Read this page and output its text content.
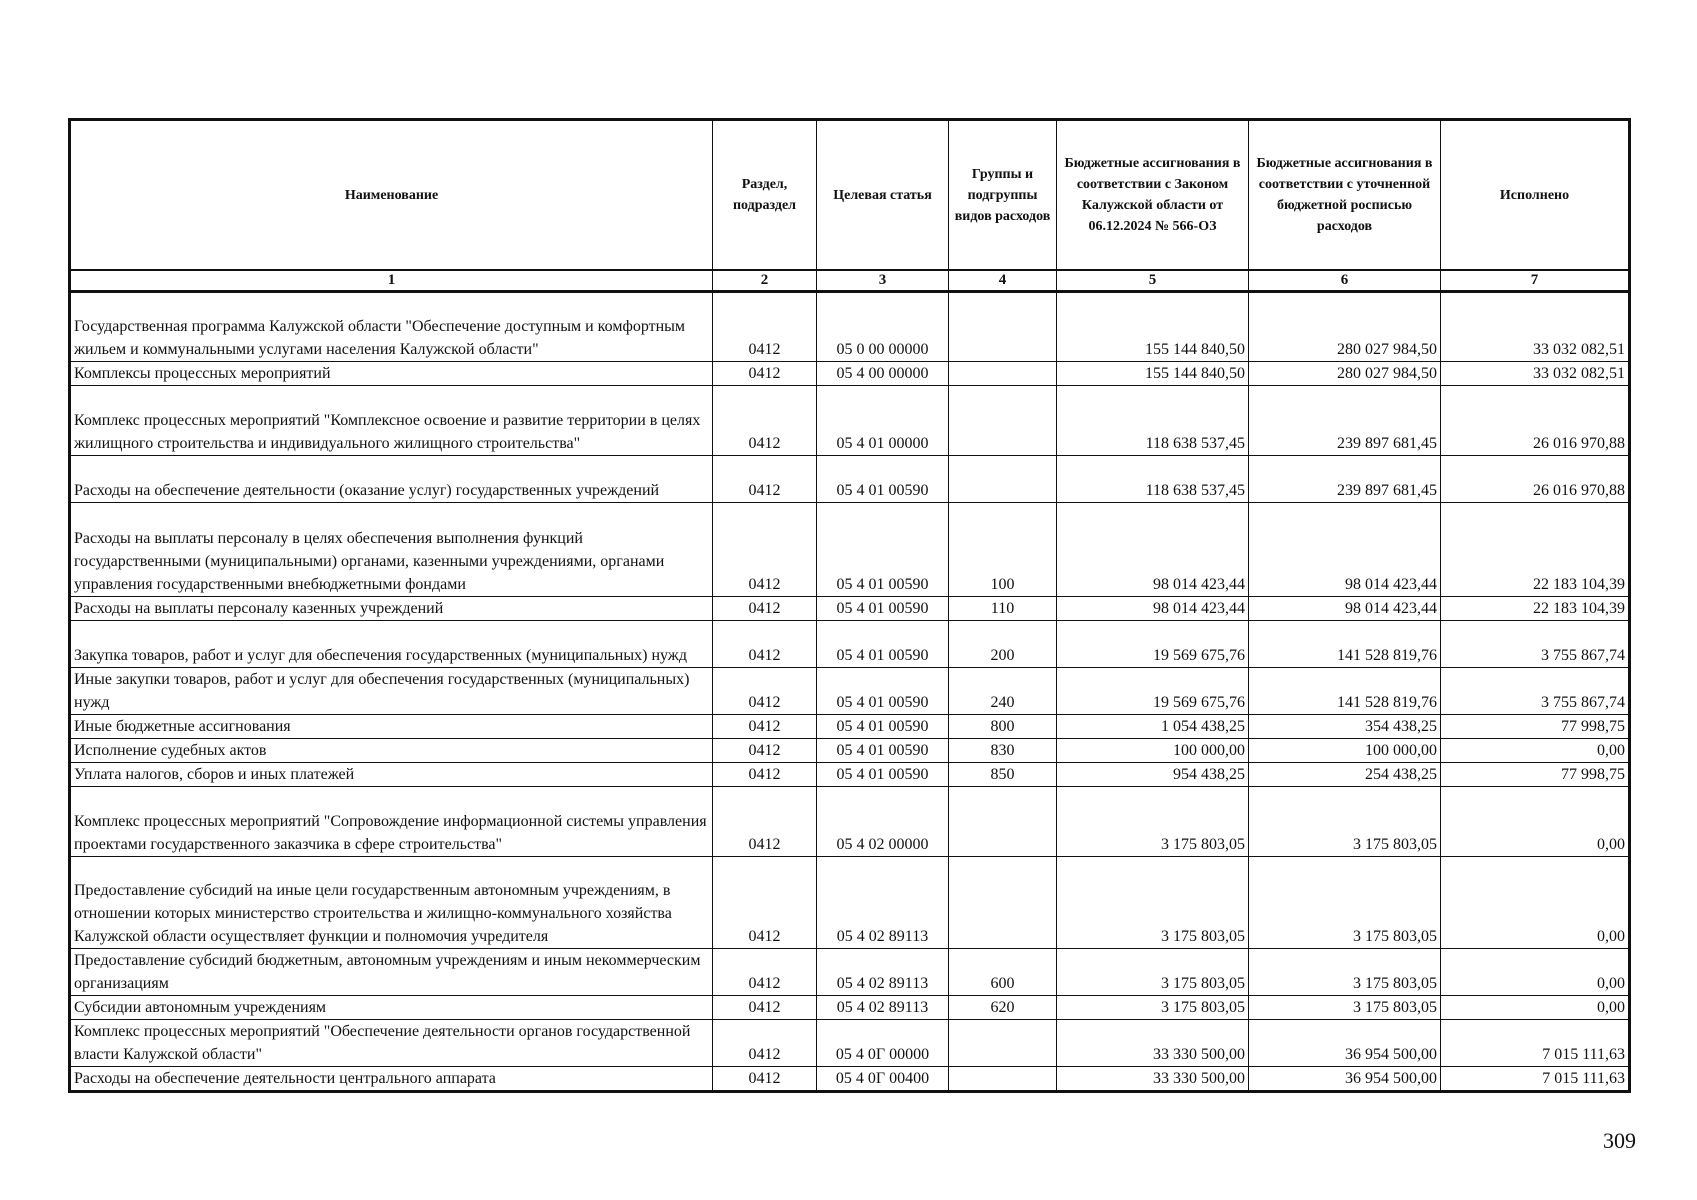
Наименование	Раздел, подраздел	Целевая статья	Группы и подгруппы видов расходов	Бюджетные ассигнования в соответствии с Законом Калужской области от 06.12.2024 № 566-ОЗ	Бюджетные ассигнования в соответствии с уточненной бюджетной росписью расходов	Исполнено
1	2	3	4	5	6	7
Государственная программа Калужской области "Обеспечение доступным и комфортным жильем и коммунальными услугами населения Калужской области"	0412	05 0 00 00000		155 144 840,50	280 027 984,50	33 032 082,51
Комплексы процессных мероприятий	0412	05 4 00 00000		155 144 840,50	280 027 984,50	33 032 082,51
Комплекс процессных мероприятий "Комплексное освоение и развитие территории в целях жилищного строительства и индивидуального жилищного строительства"	0412	05 4 01 00000		118 638 537,45	239 897 681,45	26 016 970,88
Расходы на обеспечение деятельности (оказание услуг) государственных учреждений	0412	05 4 01 00590		118 638 537,45	239 897 681,45	26 016 970,88
Расходы на выплаты персоналу в целях обеспечения выполнения функций государственными (муниципальными) органами, казенными учреждениями, органами управления государственными внебюджетными фондами	0412	05 4 01 00590	100	98 014 423,44	98 014 423,44	22 183 104,39
Расходы на выплаты персоналу казенных учреждений	0412	05 4 01 00590	110	98 014 423,44	98 014 423,44	22 183 104,39
Закупка товаров, работ и услуг для обеспечения государственных (муниципальных) нужд	0412	05 4 01 00590	200	19 569 675,76	141 528 819,76	3 755 867,74
Иные закупки товаров, работ и услуг для обеспечения государственных (муниципальных) нужд	0412	05 4 01 00590	240	19 569 675,76	141 528 819,76	3 755 867,74
Иные бюджетные ассигнования	0412	05 4 01 00590	800	1 054 438,25	354 438,25	77 998,75
Исполнение судебных актов	0412	05 4 01 00590	830	100 000,00	100 000,00	0,00
Уплата налогов, сборов и иных платежей	0412	05 4 01 00590	850	954 438,25	254 438,25	77 998,75
Комплекс процессных мероприятий "Сопровождение информационной системы управления проектами государственного заказчика в сфере строительства"	0412	05 4 02 00000		3 175 803,05	3 175 803,05	0,00
Предоставление субсидий на иные цели государственным автономным учреждениям, в отношении которых министерство строительства и жилищно-коммунального хозяйства Калужской области осуществляет функции и полномочия учредителя	0412	05 4 02 89113		3 175 803,05	3 175 803,05	0,00
Предоставление субсидий бюджетным, автономным учреждениям и иным некоммерческим организациям	0412	05 4 02 89113	600	3 175 803,05	3 175 803,05	0,00
Субсидии автономным учреждениям	0412	05 4 02 89113	620	3 175 803,05	3 175 803,05	0,00
Комплекс процессных мероприятий "Обеспечение деятельности органов государственной власти Калужской области"	0412	05 4 0Г 00000		33 330 500,00	36 954 500,00	7 015 111,63
Расходы на обеспечение деятельности центрального аппарата	0412	05 4 0Г 00400		33 330 500,00	36 954 500,00	7 015 111,63
309
